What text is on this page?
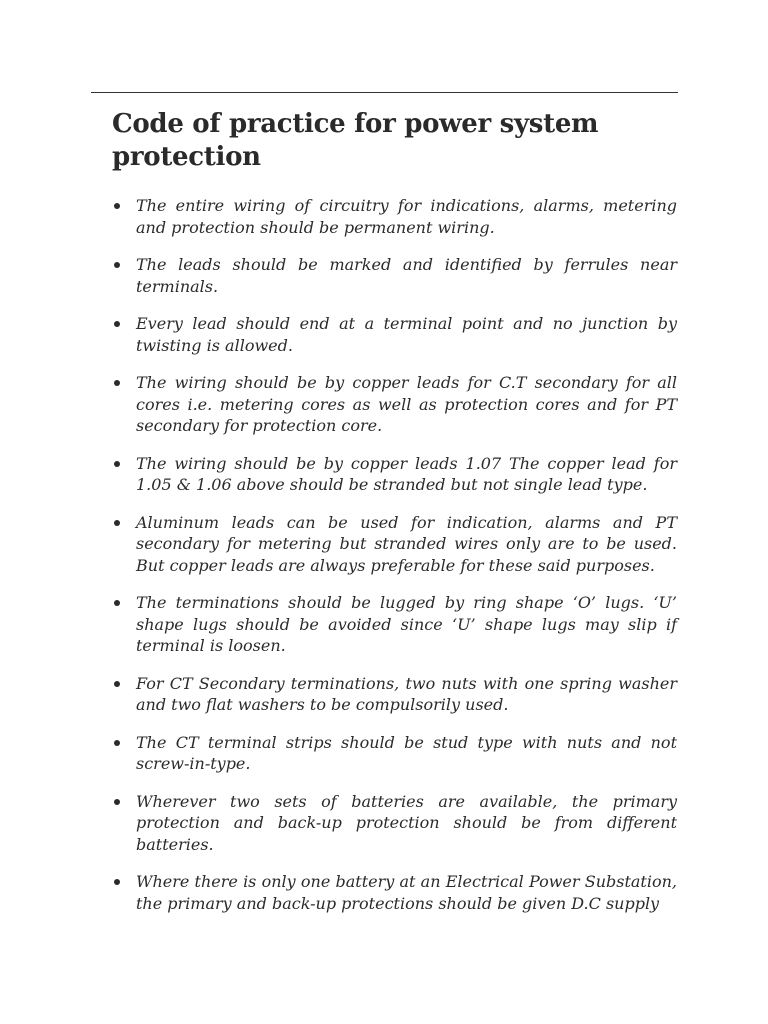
Code of practice for power system protection
The entire wiring of circuitry for indications, alarms, metering and protection should be permanent wiring.
The leads should be marked and identified by ferrules near terminals.
Every lead should end at a terminal point and no junction by twisting is allowed.
The wiring should be by copper leads for C.T secondary for all cores i.e. metering cores as well as protection cores and for PT secondary for protection core.
The wiring should be by copper leads 1.07 The copper lead for 1.05 & 1.06 above should be stranded but not single lead type.
Aluminum leads can be used for indication, alarms and PT secondary for metering but stranded wires only are to be used. But copper leads are always preferable for these said purposes.
The terminations should be lugged by ring shape ‘O’ lugs. ‘U’ shape lugs should be avoided since ‘U’ shape lugs may slip if terminal is loosen.
For CT Secondary terminations, two nuts with one spring washer and two flat washers to be compulsorily used.
The CT terminal strips should be stud type with nuts and not screw-in-type.
Wherever two sets of batteries are available, the primary protection and back-up protection should be from different batteries.
Where there is only one battery at an Electrical Power Substation, the primary and back-up protections should be given D.C supply
